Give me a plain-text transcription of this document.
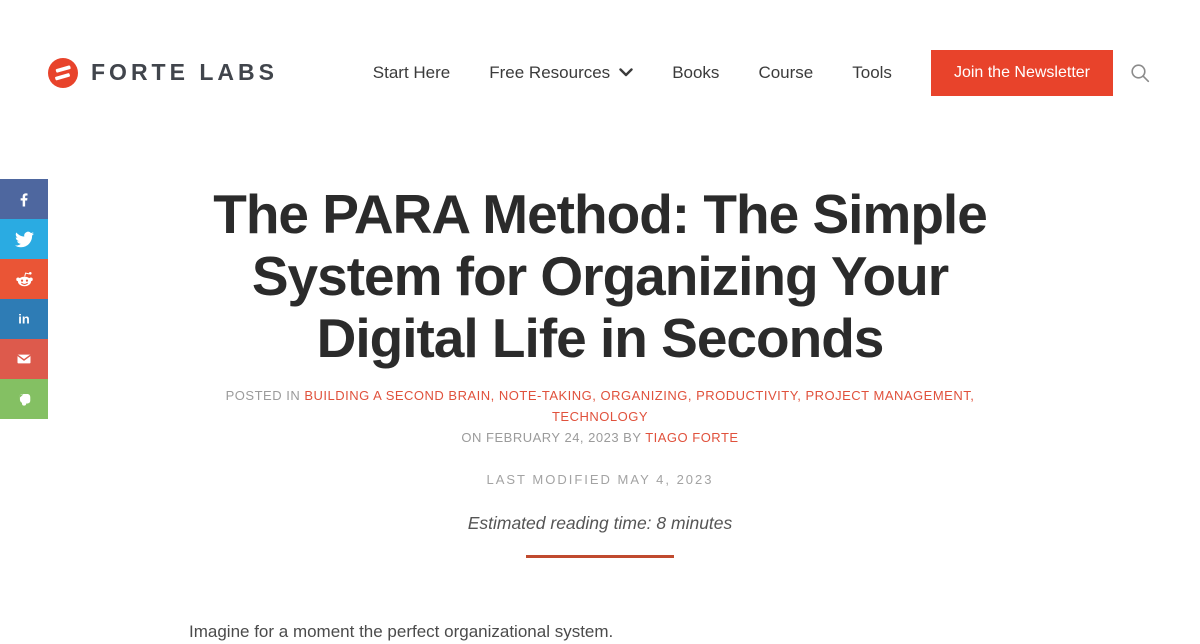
FORTE LABS	Start Here Free Resources	Books Course Tools	Join the Newsletter
in
The PARA Method: The Simple
System for Organizing Your
Digital Life in Seconds
POSTED IN BUILDING A SECOND BRAIN, NOTE-TAKING, ORGANIZING, PRODUCTIVITY, PROJECT MANAGEMENT, TECHNOLOGY
ON FEBRUARY 24, 2023 BY TIAGO FORTE
LAST MODIFIED MAY 4, 2023
Estimated reading time: 8 minutes

Imagine for a moment the perfect organizational system.
